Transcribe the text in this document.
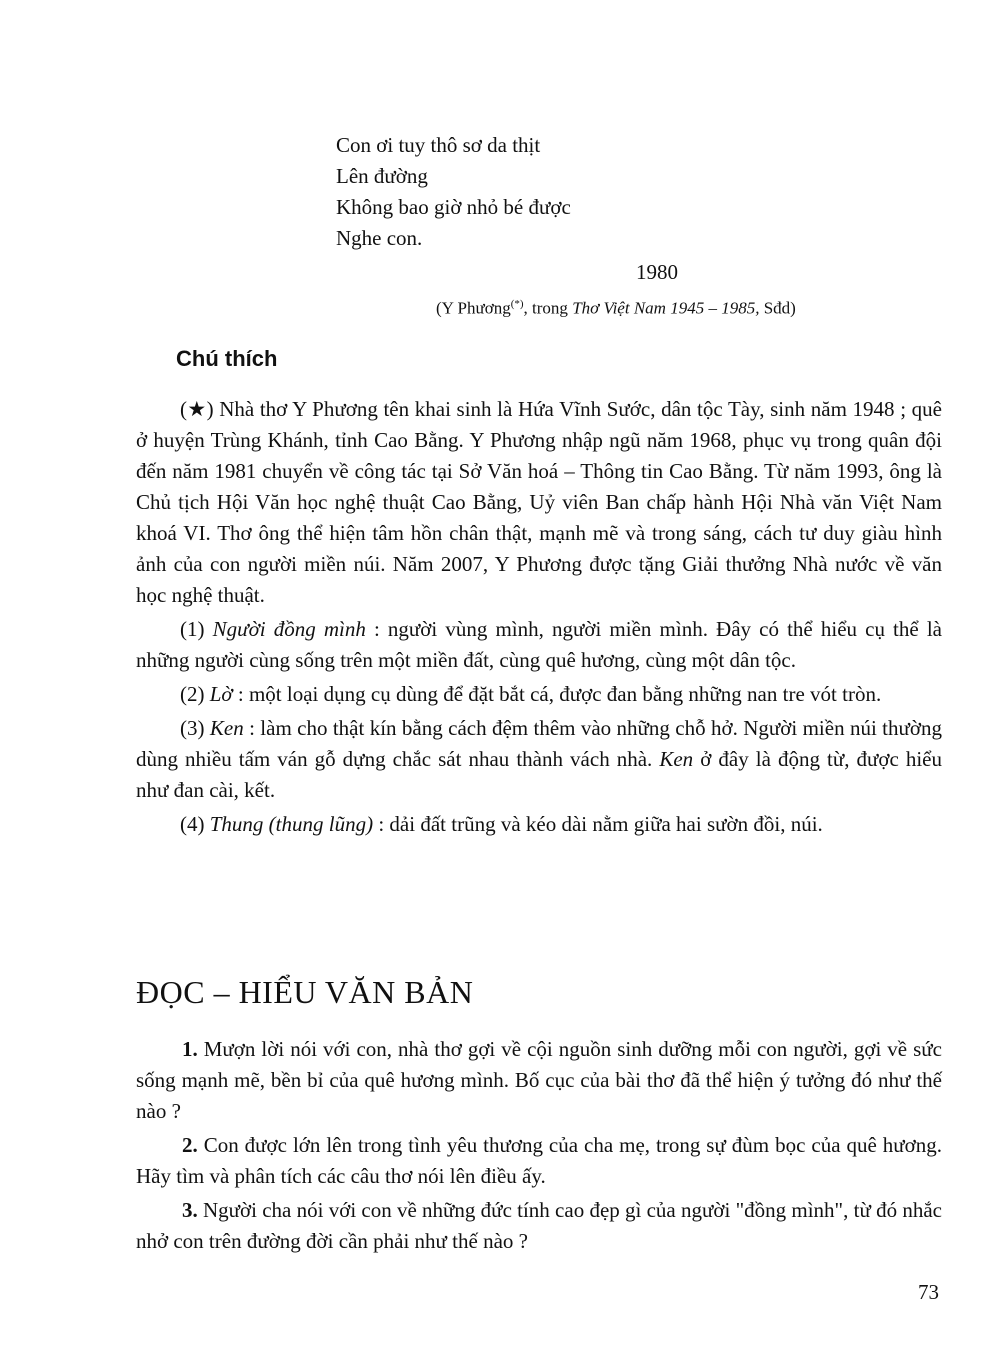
Con ơi tuy thô sơ da thịt
Lên đường
Không bao giờ nhỏ bé được
Nghe con.
1980
(Y Phương(*), trong Thơ Việt Nam 1945 – 1985, Sđd)
Chú thích

(★) Nhà thơ Y Phương tên khai sinh là Hứa Vĩnh Sước, dân tộc Tày, sinh năm 1948 ; quê ở huyện Trùng Khánh, tỉnh Cao Bằng. Y Phương nhập ngũ năm 1968, phục vụ trong quân đội đến năm 1981 chuyển về công tác tại Sở Văn hoá – Thông tin Cao Bằng. Từ năm 1993, ông là Chủ tịch Hội Văn học nghệ thuật Cao Bằng, Uỷ viên Ban chấp hành Hội Nhà văn Việt Nam khoá VI. Thơ ông thể hiện tâm hồn chân thật, mạnh mẽ và trong sáng, cách tư duy giàu hình ảnh của con người miền núi. Năm 2007, Y Phương được tặng Giải thưởng Nhà nước về văn học nghệ thuật.

(1) Người đồng mình : người vùng mình, người miền mình. Đây có thể hiểu cụ thể là những người cùng sống trên một miền đất, cùng quê hương, cùng một dân tộc.

(2) Lờ : một loại dụng cụ dùng để đặt bắt cá, được đan bằng những nan tre vót tròn.

(3) Ken : làm cho thật kín bằng cách đệm thêm vào những chỗ hở. Người miền núi thường dùng nhiều tấm ván gỗ dựng chắc sát nhau thành vách nhà. Ken ở đây là động từ, được hiểu như đan cài, kết.

(4) Thung (thung lũng) : dải đất trũng và kéo dài nằm giữa hai sườn đồi, núi.

ĐỌC – HIỂU VĂN BẢN

1. Mượn lời nói với con, nhà thơ gợi về cội nguồn sinh dưỡng mỗi con người, gợi về sức sống mạnh mẽ, bền bỉ của quê hương mình. Bố cục của bài thơ đã thể hiện ý tưởng đó như thế nào ?

2. Con được lớn lên trong tình yêu thương của cha mẹ, trong sự đùm bọc của quê hương. Hãy tìm và phân tích các câu thơ nói lên điều ấy.

3. Người cha nói với con về những đức tính cao đẹp gì của người "đồng mình", từ đó nhắc nhở con trên đường đời cần phải như thế nào ?

73
